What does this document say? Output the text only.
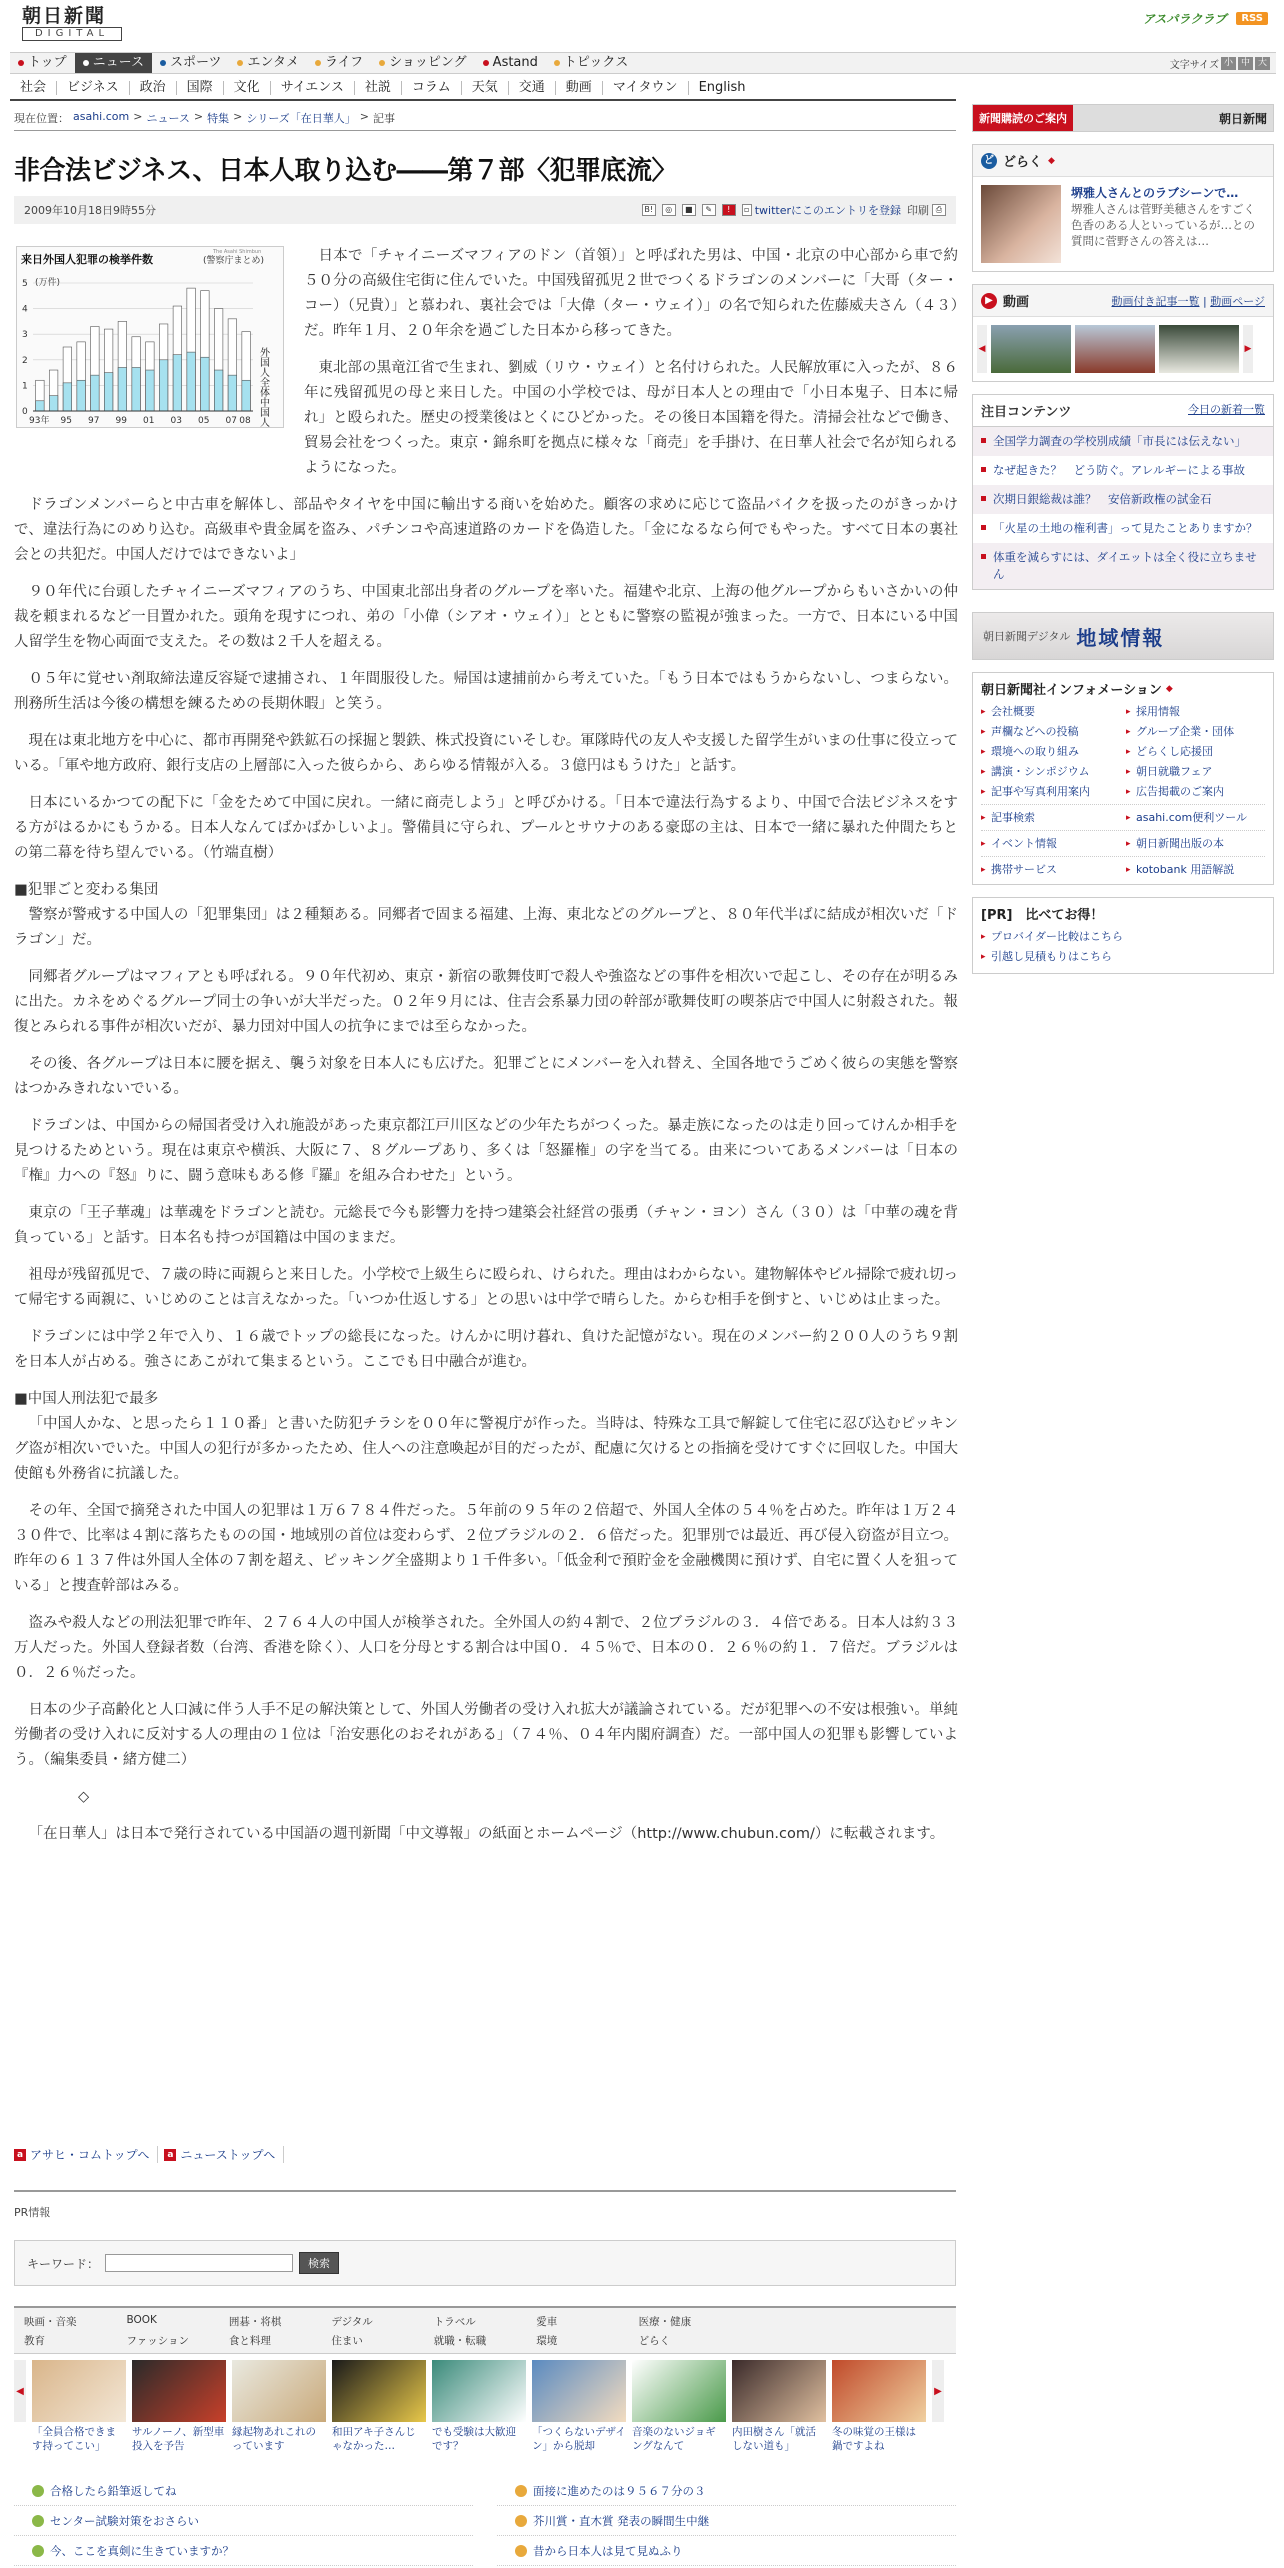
朝日新聞
DIGITAL
アスパラクラブ	RSS
トップ ニュース スポーツ エンタメ ライフ ショッピング Astand トピックス	文字サイズ 小 中 大
社会	ビジネス	政治	国際	文化	サイエンス	社説	コラム	天気	交通	動画	マイタウン	English
現在位置： asahi.com > ニュース > 特集 > シリーズ「在日華人」 > 記事
非合法ビジネス、日本人取り込む――第７部〈犯罪底流〉
2009年10月18日9時55分	B!	◎	■	✎	!	▫ twitterにこのエントリを登録 印刷 ⎙
来日外国人犯罪の検挙件数	(警察庁まとめ)
The Asahi Shimbun
(万件)
0
1
2
3
4
5
93年 95 97 99 01 03 05 07 08
外国人全体
中国人

日本で「チャイニーズマフィアのドン（首領）」と呼ばれた男は、中国・北京の中心部から車で約５０分の高級住宅街に住んでいた。中国残留孤児２世でつくるドラゴンのメンバーに「大哥（ター・コー）（兄貴）」と慕われ、裏社会では「大偉（ター・ウェイ）」の名で知られた佐藤威夫さん（４３）だ。昨年１月、２０年余を過ごした日本から移ってきた。

東北部の黒竜江省で生まれ、劉威（リウ・ウェイ）と名付けられた。人民解放軍に入ったが、８６年に残留孤児の母と来日した。中国の小学校では、母が日本人との理由で「小日本鬼子、日本に帰れ」と殴られた。歴史の授業後はとくにひどかった。その後日本国籍を得た。清掃会社などで働き、貿易会社をつくった。東京・錦糸町を拠点に様々な「商売」を手掛け、在日華人社会で名が知られるようになった。

ドラゴンメンバーらと中古車を解体し、部品やタイヤを中国に輸出する商いを始めた。顧客の求めに応じて盗品バイクを扱ったのがきっかけで、違法行為にのめり込む。高級車や貴金属を盗み、パチンコや高速道路のカードを偽造した。「金になるなら何でもやった。すべて日本の裏社会との共犯だ。中国人だけではできないよ」

９０年代に台頭したチャイニーズマフィアのうち、中国東北部出身者のグループを率いた。福建や北京、上海の他グループからもいさかいの仲裁を頼まれるなど一目置かれた。頭角を現すにつれ、弟の「小偉（シアオ・ウェイ）」とともに警察の監視が強まった。一方で、日本にいる中国人留学生を物心両面で支えた。その数は２千人を超える。

０５年に覚せい剤取締法違反容疑で逮捕され、１年間服役した。帰国は逮捕前から考えていた。「もう日本ではもうからないし、つまらない。刑務所生活は今後の構想を練るための長期休暇」と笑う。

現在は東北地方を中心に、都市再開発や鉄鉱石の採掘と製鉄、株式投資にいそしむ。軍隊時代の友人や支援した留学生がいまの仕事に役立っている。「軍や地方政府、銀行支店の上層部に入った彼らから、あらゆる情報が入る。３億円はもうけた」と話す。

日本にいるかつての配下に「金をためて中国に戻れ。一緒に商売しよう」と呼びかける。「日本で違法行為するより、中国で合法ビジネスをする方がはるかにもうかる。日本人なんてばかばかしいよ」。警備員に守られ、プールとサウナのある豪邸の主は、日本で一緒に暴れた仲間たちとの第二幕を待ち望んでいる。（竹端直樹）

■犯罪ごと変わる集団

警察が警戒する中国人の「犯罪集団」は２種類ある。同郷者で固まる福建、上海、東北などのグループと、８０年代半ばに結成が相次いだ「ドラゴン」だ。

同郷者グループはマフィアとも呼ばれる。９０年代初め、東京・新宿の歌舞伎町で殺人や強盗などの事件を相次いで起こし、その存在が明るみに出た。カネをめぐるグループ同士の争いが大半だった。０２年９月には、住吉会系暴力団の幹部が歌舞伎町の喫茶店で中国人に射殺された。報復とみられる事件が相次いだが、暴力団対中国人の抗争にまでは至らなかった。

その後、各グループは日本に腰を据え、襲う対象を日本人にも広げた。犯罪ごとにメンバーを入れ替え、全国各地でうごめく彼らの実態を警察はつかみきれないでいる。

ドラゴンは、中国からの帰国者受け入れ施設があった東京都江戸川区などの少年たちがつくった。暴走族になったのは走り回ってけんか相手を見つけるためという。現在は東京や横浜、大阪に７、８グループあり、多くは「怒羅権」の字を当てる。由来についてあるメンバーは「日本の『権』力への『怒』りに、闘う意味もある修『羅』を組み合わせた」という。

東京の「王子華魂」は華魂をドラゴンと読む。元総長で今も影響力を持つ建築会社経営の張勇（チャン・ヨン）さん（３０）は「中華の魂を背負っている」と話す。日本名も持つが国籍は中国のままだ。

祖母が残留孤児で、７歳の時に両親らと来日した。小学校で上級生らに殴られ、けられた。理由はわからない。建物解体やビル掃除で疲れ切って帰宅する両親に、いじめのことは言えなかった。「いつか仕返しする」との思いは中学で晴らした。からむ相手を倒すと、いじめは止まった。

ドラゴンには中学２年で入り、１６歳でトップの総長になった。けんかに明け暮れ、負けた記憶がない。現在のメンバー約２００人のうち９割を日本人が占める。強さにあこがれて集まるという。ここでも日中融合が進む。

■中国人刑法犯で最多

「中国人かな、と思ったら１１０番」と書いた防犯チラシを００年に警視庁が作った。当時は、特殊な工具で解錠して住宅に忍び込むピッキング盗が相次いでいた。中国人の犯行が多かったため、住人への注意喚起が目的だったが、配慮に欠けるとの指摘を受けてすぐに回収した。中国大使館も外務省に抗議した。

その年、全国で摘発された中国人の犯罪は１万６７８４件だった。５年前の９５年の２倍超で、外国人全体の５４％を占めた。昨年は１万２４３０件で、比率は４割に落ちたものの国・地域別の首位は変わらず、２位ブラジルの２．６倍だった。犯罪別では最近、再び侵入窃盗が目立つ。昨年の６１３７件は外国人全体の７割を超え、ピッキング全盛期より１千件多い。「低金利で預貯金を金融機関に預けず、自宅に置く人を狙っている」と捜査幹部はみる。

盗みや殺人などの刑法犯罪で昨年、２７６４人の中国人が検挙された。全外国人の約４割で、２位ブラジルの３．４倍である。日本人は約３３万人だった。外国人登録者数（台湾、香港を除く）、人口を分母とする割合は中国０．４５％で、日本の０．２６％の約１．７倍だ。ブラジルは０．２６％だった。

日本の少子高齢化と人口減に伴う人手不足の解決策として、外国人労働者の受け入れ拡大が議論されている。だが犯罪への不安は根強い。単純労働者の受け入れに反対する人の理由の１位は「治安悪化のおそれがある」（７４％、０４年内閣府調査）だ。一部中国人の犯罪も影響していよう。（編集委員・緒方健二）

◇

「在日華人」は日本で発行されている中国語の週刊新聞「中文導報」の紙面とホームページ（http://www.chubun.com/）に転載されます。

a アサヒ・コムトップへ	a ニューストップへ
PR情報
キーワード：	検索
映画・音楽	BOOK	囲碁・将棋	デジタル	トラベル	愛車	医療・健康
教育	ファッション	食と料理	住まい	就職・転職	環境	どらく
◀
「全員合格できます持ってこい」
サルノーノ、新型車投入を予告
縁起物あれこれのっています
和田アキ子さんじゃなかった…
でも受験は大歓迎です？
「つくらないデザイン」から脱却
音楽のないジョギングなんて
内田樹さん「就活しない道も」
冬の味覚の王様は鍋ですよね
▶
合格したら鉛筆返してね	面接に進めたのは９５６７分の３
センター試験対策をおさらい	芥川賞・直木賞 発表の瞬間生中継
今、ここを真剣に生きていますか？	昔から日本人は見て見ぬふり
新聞購読のご案内	朝日新聞
ど どらく ◆
堺雅人さんとのラブシーンで…
堺雅人さんは菅野美穂さんをすごく色香のある人といっているが…との質問に菅野さんの答えは…
▶ 動画	動画付き記事一覧 | 動画ページ
◀	▶
注目コンテンツ	今日の新着一覧
全国学力調査の学校別成績「市長には伝えない」
なぜ起きた？　どう防ぐ。アレルギーによる事故
次期日銀総裁は誰？　安倍新政権の試金石
「火星の土地の権利書」って見たことありますか？
体重を減らすには、ダイエットは全く役に立ちません
朝日新聞デジタル 地域情報
朝日新聞社インフォメーション ◆
▸ 会社概要	▸ 採用情報
▸ 声欄などへの投稿	▸ グループ企業・団体
▸ 環境への取り組み	▸ どらくし応援団
▸ 講演・シンポジウム	▸ 朝日就職フェア
▸ 記事や写真利用案内	▸ 広告掲載のご案内
▸ 記事検索	▸ asahi.com便利ツール
▸ イベント情報	▸ 朝日新聞出版の本
▸ 携帯サービス	▸ kotobank 用語解説
[PR]　比べてお得！
▸ プロバイダー比較はこちら
▸ 引越し見積もりはこちら
